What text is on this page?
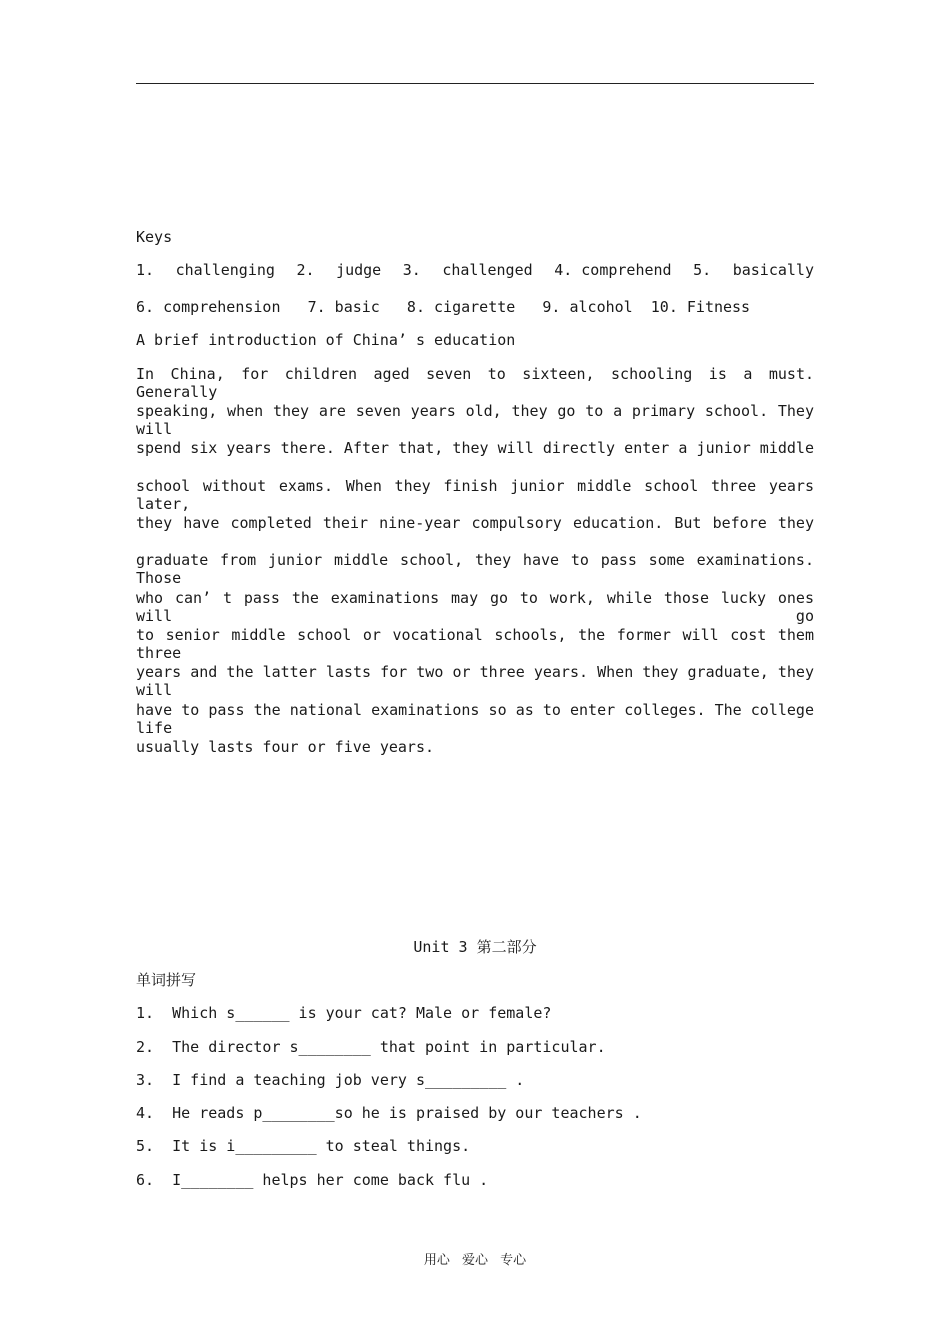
Keys
1. challenging 2. judge 3. challenged 4. comprehend 5. basically
6. comprehension   7. basic   8. cigarette   9. alcohol  10. Fitness
A brief introduction of China’ s education
In China, for children aged seven to sixteen, schooling is a must. Generally
speaking, when they are seven years old, they go to a primary school. They will
spend six years there. After that, they will directly enter a junior middle
school without exams. When they finish junior middle school three years later,
they have completed their nine-year compulsory education. But before they
graduate from junior middle school, they have to pass some examinations. Those
who can’ t pass the examinations may go to work, while those lucky ones will go
to senior middle school or vocational schools, the former will cost them three
years and the latter lasts for two or three years. When they graduate, they will
have to pass the national examinations so as to enter colleges. The college life
usually lasts four or five years.
Unit 3 第二部分
单词拼写
1.  Which s______ is your cat? Male or female?
2.  The director s________ that point in particular.
3.  I find a teaching job very s_________ .
4.  He reads p________so he is praised by our teachers .
5.  It is i_________ to steal things.
6.  I________ helps her come back flu .
用心 爱心 专心
